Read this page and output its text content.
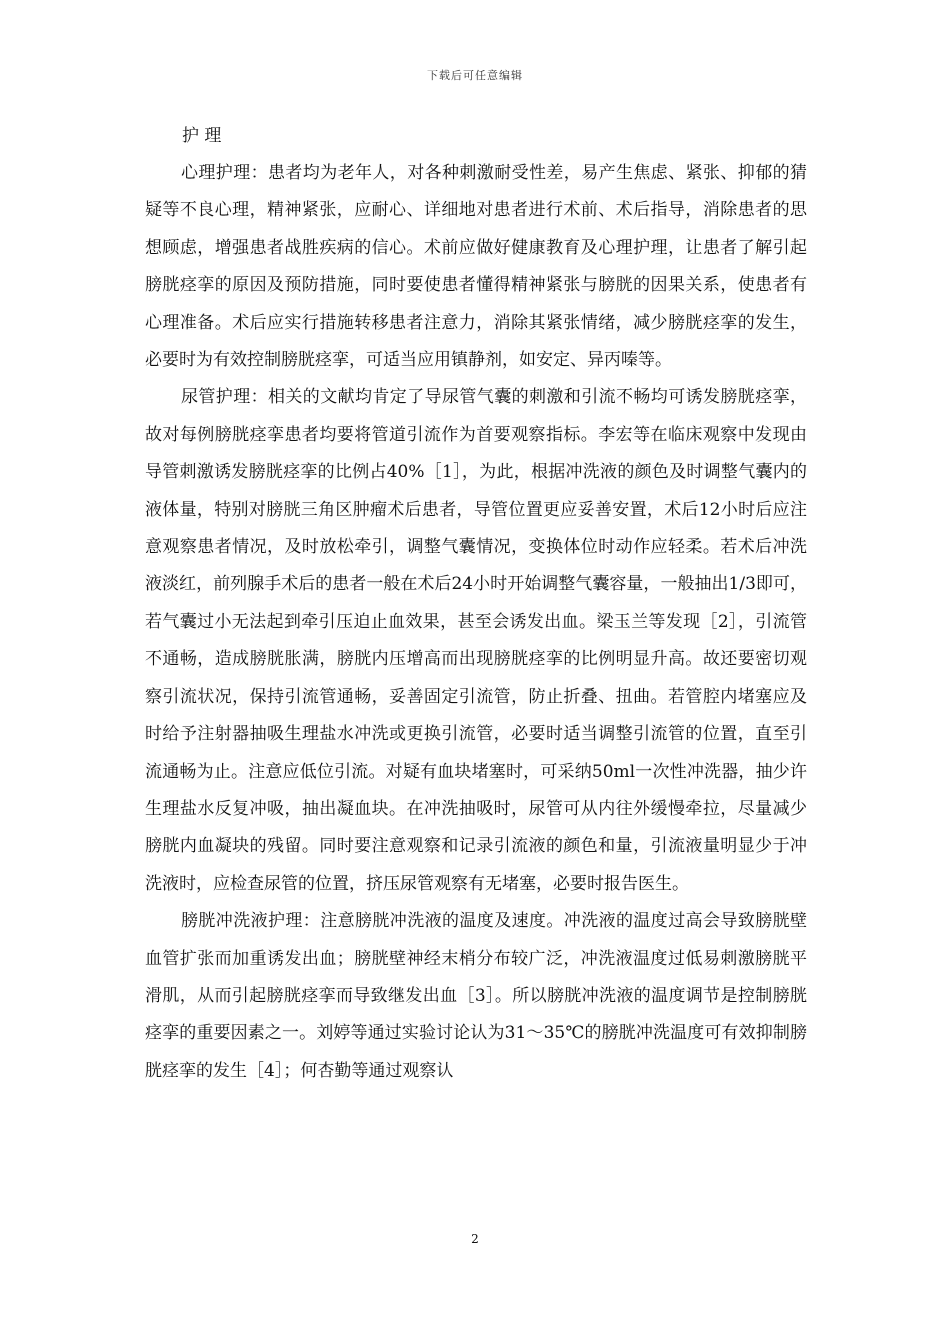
下载后可任意编辑

护 理

心理护理：患者均为老年人，对各种刺激耐受性差，易产生焦虑、紧张、抑郁的猜疑等不良心理，精神紧张，应耐心、详细地对患者进行术前、术后指导，消除患者的思想顾虑，增强患者战胜疾病的信心。术前应做好健康教育及心理护理，让患者了解引起膀胱痉挛的原因及预防措施，同时要使患者懂得精神紧张与膀胱的因果关系，使患者有心理准备。术后应实行措施转移患者注意力，消除其紧张情绪，减少膀胱痉挛的发生，必要时为有效控制膀胱痉挛，可适当应用镇静剂，如安定、异丙嗪等。

尿管护理：相关的文献均肯定了导尿管气囊的刺激和引流不畅均可诱发膀胱痉挛，故对每例膀胱痉挛患者均要将管道引流作为首要观察指标。李宏等在临床观察中发现由导管刺激诱发膀胱痉挛的比例占40%［1］，为此，根据冲洗液的颜色及时调整气囊内的液体量，特别对膀胱三角区肿瘤术后患者，导管位置更应妥善安置，术后12小时后应注意观察患者情况，及时放松牵引，调整气囊情况，变换体位时动作应轻柔。若术后冲洗液淡红，前列腺手术后的患者一般在术后24小时开始调整气囊容量，一般抽出1/3即可，若气囊过小无法起到牵引压迫止血效果，甚至会诱发出血。梁玉兰等发现［2］，引流管不通畅，造成膀胱胀满，膀胱内压增高而出现膀胱痉挛的比例明显升高。故还要密切观察引流状况，保持引流管通畅，妥善固定引流管，防止折叠、扭曲。若管腔内堵塞应及时给予注射器抽吸生理盐水冲洗或更换引流管，必要时适当调整引流管的位置，直至引流通畅为止。注意应低位引流。对疑有血块堵塞时，可采纳50ml一次性冲洗器，抽少许生理盐水反复冲吸，抽出凝血块。在冲洗抽吸时，尿管可从内往外缓慢牵拉，尽量减少膀胱内血凝块的残留。同时要注意观察和记录引流液的颜色和量，引流液量明显少于冲洗液时，应检查尿管的位置，挤压尿管观察有无堵塞，必要时报告医生。

膀胱冲洗液护理：注意膀胱冲洗液的温度及速度。冲洗液的温度过高会导致膀胱壁血管扩张而加重诱发出血；膀胱壁神经末梢分布较广泛，冲洗液温度过低易刺激膀胱平滑肌，从而引起膀胱痉挛而导致继发出血［3］。所以膀胱冲洗液的温度调节是控制膀胱痉挛的重要因素之一。刘婷等通过实验讨论认为31～35℃的膀胱冲洗温度可有效抑制膀胱痉挛的发生［4］；何杏勤等通过观察认

2
